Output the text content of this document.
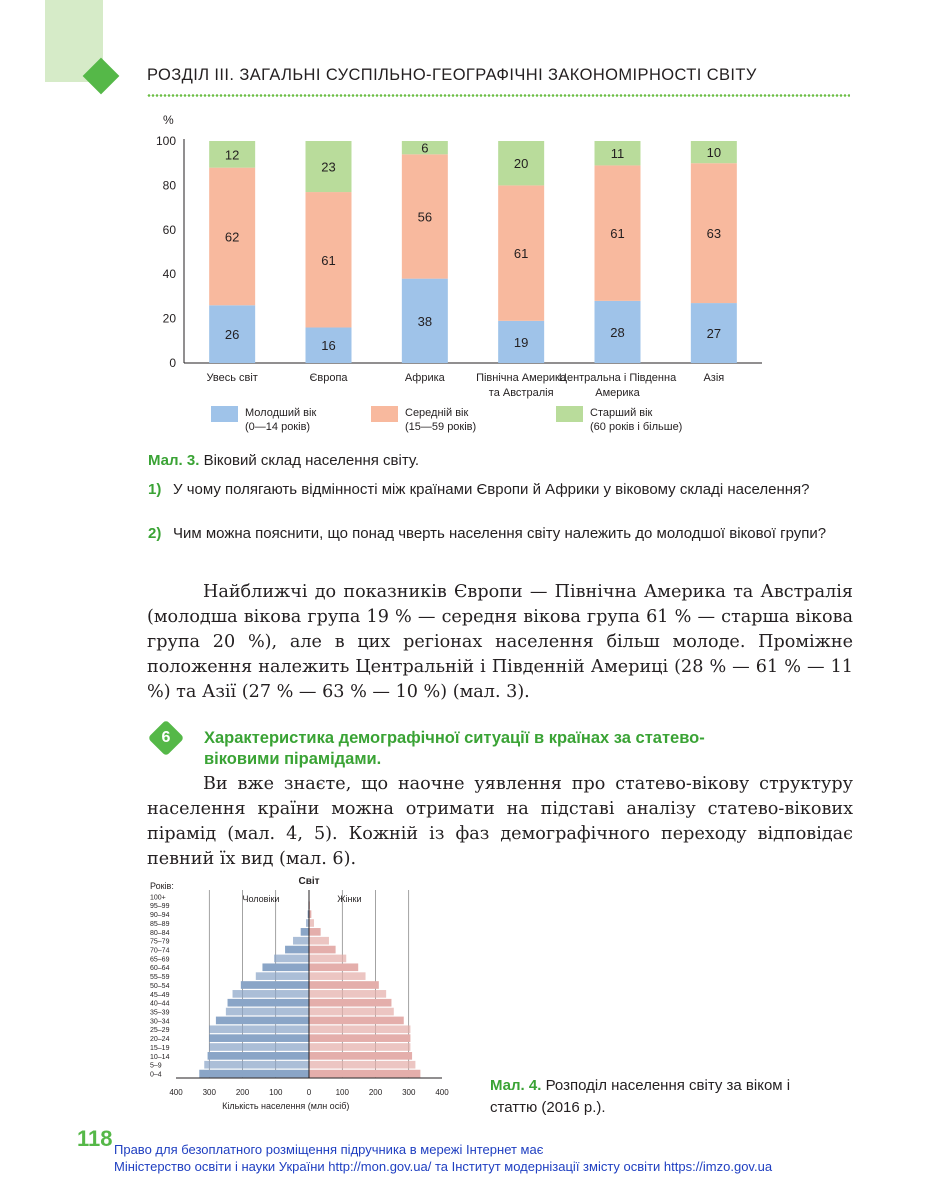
РОЗДІЛ III. ЗАГАЛЬНІ СУСПІЛЬНО-ГЕОГРАФІЧНІ ЗАКОНОМІРНОСТІ СВІТУ
%
0
20
40
60
80
100
26
62
12
Увесь світ
16
61
23
Європа
38
56
6
Африка
19
61
20
Північна Америка та Австралія
28
61
11
Центральна і Південна Америка
27
63
10
Азія
Молодший вік (0—14 років)
Середній вік (15—59 років)
Старший вік (60 років і більше)
Мал. 3. Віковий склад населення світу.
1) У чому полягають відмінності між країнами Європи й Африки у віковому складі населення?
2) Чим можна пояснити, що понад чверть населення світу належить до молодшої вікової групи?
Найближчі до показників Європи — Північна Америка та Австралія (молодша вікова група 19 % — середня вікова група 61 % — старша вікова група 20 %), але в цих регіонах населення більш молоде. Проміжне положення належить Центральній і Південній Америці (28 % — 61 % — 11 %) та Азії (27 % — 63 % — 10 %) (мал. 3).
6	Характеристика демографічної ситуації в країнах за статево-віковими пірамідами.
Ви вже знаєте, що наочне уявлення про статево-вікову структуру населення країни можна отримати на підставі аналізу статево-вікових пірамід (мал. 4, 5). Кожній із фаз демографічного переходу відповідає певний їх вид (мал. 6).
Світ
Років:
Чоловіки	Жінки
100+
95–99
90–94
85–89
80–84
75–79
70–74
65–69
60–64
55–59
50–54
45–49
40–44
35–39
30–34
25–29
20–24
15–19
10–14
5–9
0–4
400 300 200 100	0	100 200 300 400
Кількість населення (млн осіб)
Мал. 4. Розподіл населення світу за віком і статтю (2016 р.).
118 Право для безоплатного розміщення підручника в мережі Інтернет має
Міністерство освіти і науки України http://mon.gov.ua/ та Інститут модернізації змісту освіти https://imzo.gov.ua
